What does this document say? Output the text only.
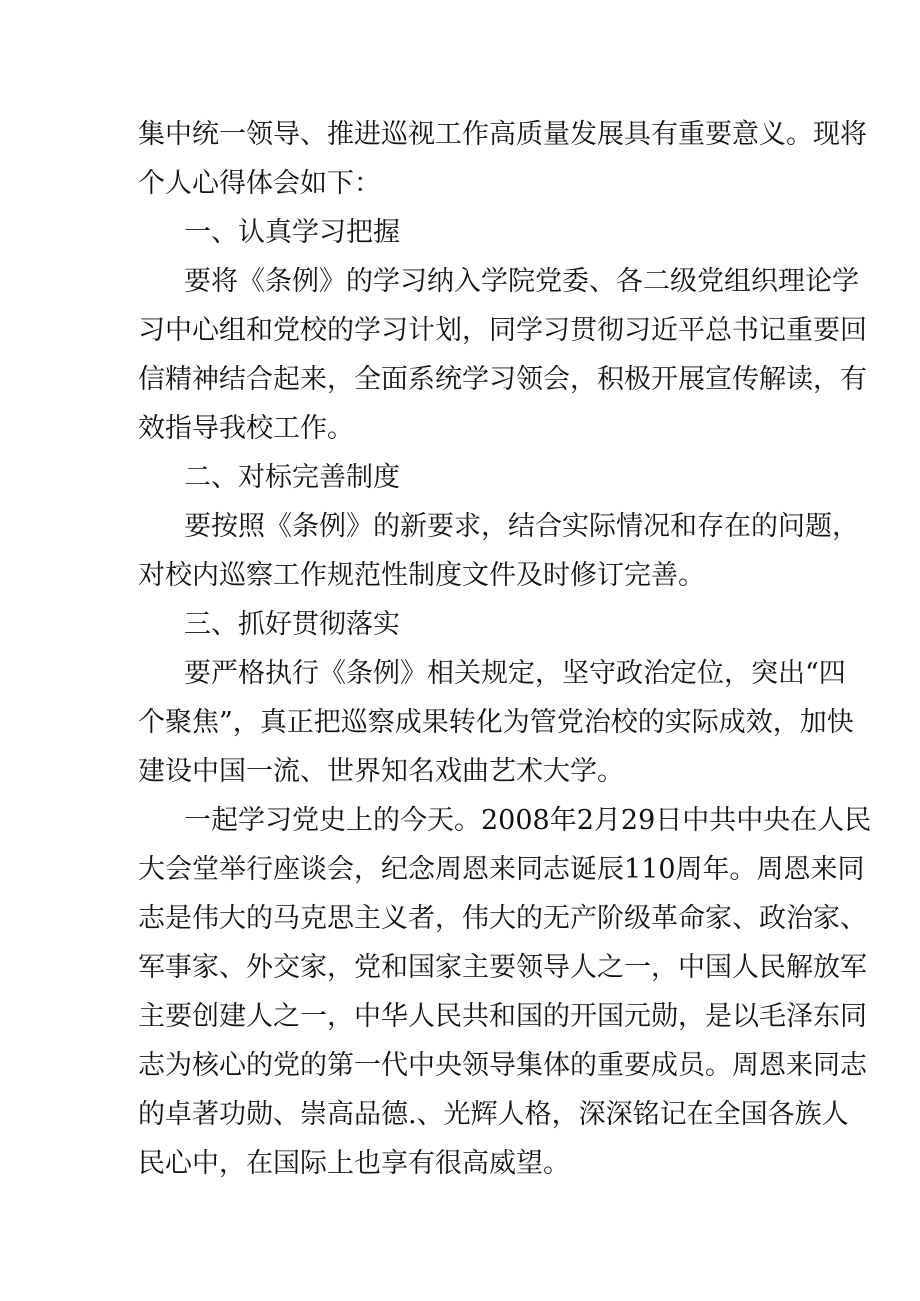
集中统一领导、推进巡视工作高质量发展具有重要意义。现将
个人心得体会如下：
一、认真学习把握
要将《条例》的学习纳入学院党委、各二级党组织理论学
习中心组和党校的学习计划，同学习贯彻习近平总书记重要回
信精神结合起来，全面系统学习领会，积极开展宣传解读，有
效指导我校工作。
二、对标完善制度
要按照《条例》的新要求，结合实际情况和存在的问题，
对校内巡察工作规范性制度文件及时修订完善。
三、抓好贯彻落实
要严格执行《条例》相关规定，坚守政治定位，突出“四
个聚焦”，真正把巡察成果转化为管党治校的实际成效，加快
建设中国一流、世界知名戏曲艺术大学。
一起学习党史上的今天。2008年2月29日中共中央在人民
大会堂举行座谈会，纪念周恩来同志诞辰110周年。周恩来同
志是伟大的马克思主义者，伟大的无产阶级革命家、政治家、
军事家、外交家，党和国家主要领导人之一，中国人民解放军
主要创建人之一，中华人民共和国的开国元勋，是以毛泽东同
志为核心的党的第一代中央领导集体的重要成员。周恩来同志
的卓著功勋、崇高品德.、光辉人格，深深铭记在全国各族人
民心中，在国际上也享有很高威望。
